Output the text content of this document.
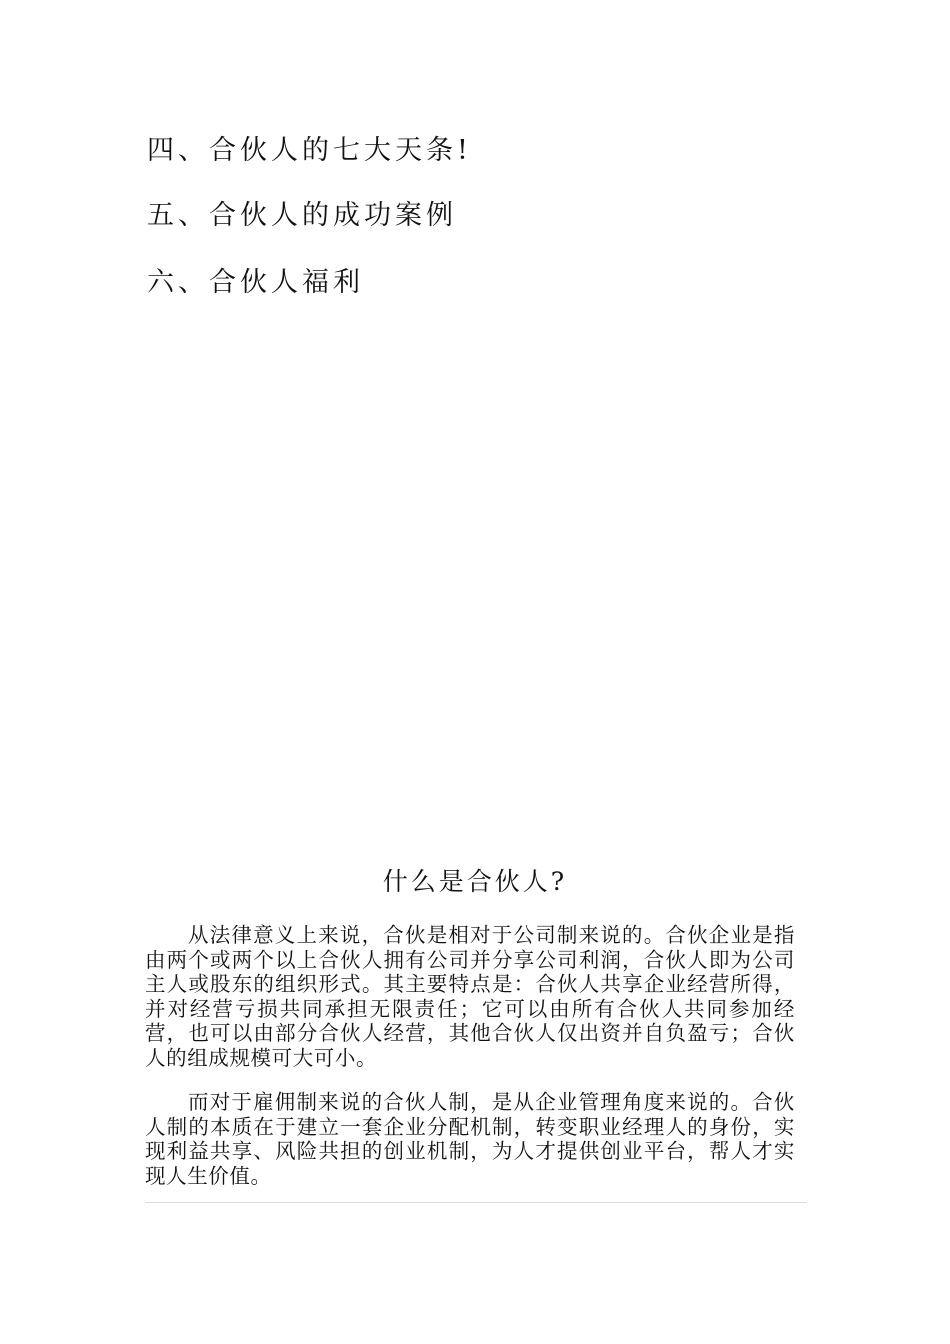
四、合伙人的七大天条!
五、合伙人的成功案例
六、合伙人福利
什么是合伙人?

从法律意义上来说，合伙是相对于公司制来说的。合伙企业是指由两个或两个以上合伙人拥有公司并分享公司利润，合伙人即为公司主人或股东的组织形式。其主要特点是：合伙人共享企业经营所得，并对经营亏损共同承担无限责任；它可以由所有合伙人共同参加经营，也可以由部分合伙人经营，其他合伙人仅出资并自负盈亏；合伙人的组成规模可大可小。

而对于雇佣制来说的合伙人制，是从企业管理角度来说的。合伙人制的本质在于建立一套企业分配机制，转变职业经理人的身份，实现利益共享、风险共担的创业机制，为人才提供创业平台，帮人才实现人生价值。
